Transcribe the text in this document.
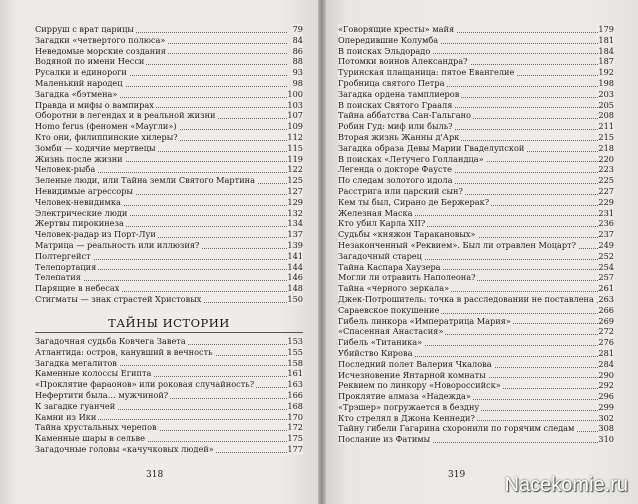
Сирруш с врат царицы	79
Загадки «четвертого полюса»	84
Неведомые морские создания	86
Водяной по имени Несси	88
Русалки и единороги	93
Маленький народец	98
Загадка «бэтмена»	100
Правда и мифы о вампирах	103
Оборотни в легендах и в реальной жизни	107
Homo ferus (феномен «Маугли»)	109
Кто они, филиппинские хилеры?	112
Зомби — ходячие мертвецы	115
Жизнь после жизни	119
Человек-рыба	122
Зеленые люди, или Тайна земли Святого Мартина	125
Невидимые агрессоры	127
Человек-невидимка	129
Электрические люди	132
Жертвы пирокинеза	134
Человек-радар из Порт-Луи	137
Матрица — реальность или иллюзия?	139
Полтергейст	141
Телепортация	144
Телепатия	146
Парящие в небесах	148
Стигматы — знак страстей Христовых	150
ТАЙНЫ ИСТОРИИ
Загадочная судьба Ковчега Завета	153
Атлантида: остров, канувший в вечность	155
Загадка мегалитов	158
Каменные колоссы Египта	161
«Проклятие фараонов» или роковая случайность?	163
Нефертити была… мужчиной?	166
К загадке гуанчей	168
Камни из Ики	170
Тайна хрустальных черепов	172
Каменные шары в сельве	175
Загадочные головы «качучковых людей»	177
318
«Говорящие кресты» майя	179
Опередившие Колумба	181
В поисках Эльдорадо	184
Потомки воинов Александра?	187
Туринская плащаница: пятое Евангелие	192
Гробница святого Петра	198
Загадка ордена тамплиеров	203
В поисках Святого Грааля	205
Тайна аббатства Сан-Гальгано	208
Робин Гуд: миф или быль?	211
Вторая жизнь Жанны д'Арк	215
Загадка образа Девы Марии Гваделупской	218
В поисках «Летучего Голландца»	220
Легенда о докторе Фаусте	223
По следам золотого идола	225
Расстрига или царский сын?	227
Кем ты был, Сирано де Бержерак?	229
Железная Маска	231
Кто убил Карла XII?	236
Судьбы «княжон Таракановых»	237
Незаконченный «Реквием». Был ли отравлен Моцарт?	249
Загадочный старец	252
Тайна Каспара Хаузера	254
Могли ли отравить Наполеона?	257
Тайна «черного зеркала»	261
Джек-Потрошитель: точка в расследовании не поставлена 263
Сараевское покушение	266
Гибель линкора «Императрица Мария»	269
«Спасенная Анастасия»	272
Гибель «Титаника»	276
Убийство Кирова	281
Последний полет Валерия Чкалова	284
Исчезновение Янтарной комнаты	290
Реквием по линкору «Новороссийск»	292
Проклятие алмаза «Надежда»	296
«Трэшер» погружается в бездну	299
Кто стрелял в Джона Кеннеди?	302
Тайну гибели Гагарина схоронили по горячим следам	308
Послание из Фатимы	310
319 Nacekomie.ru
